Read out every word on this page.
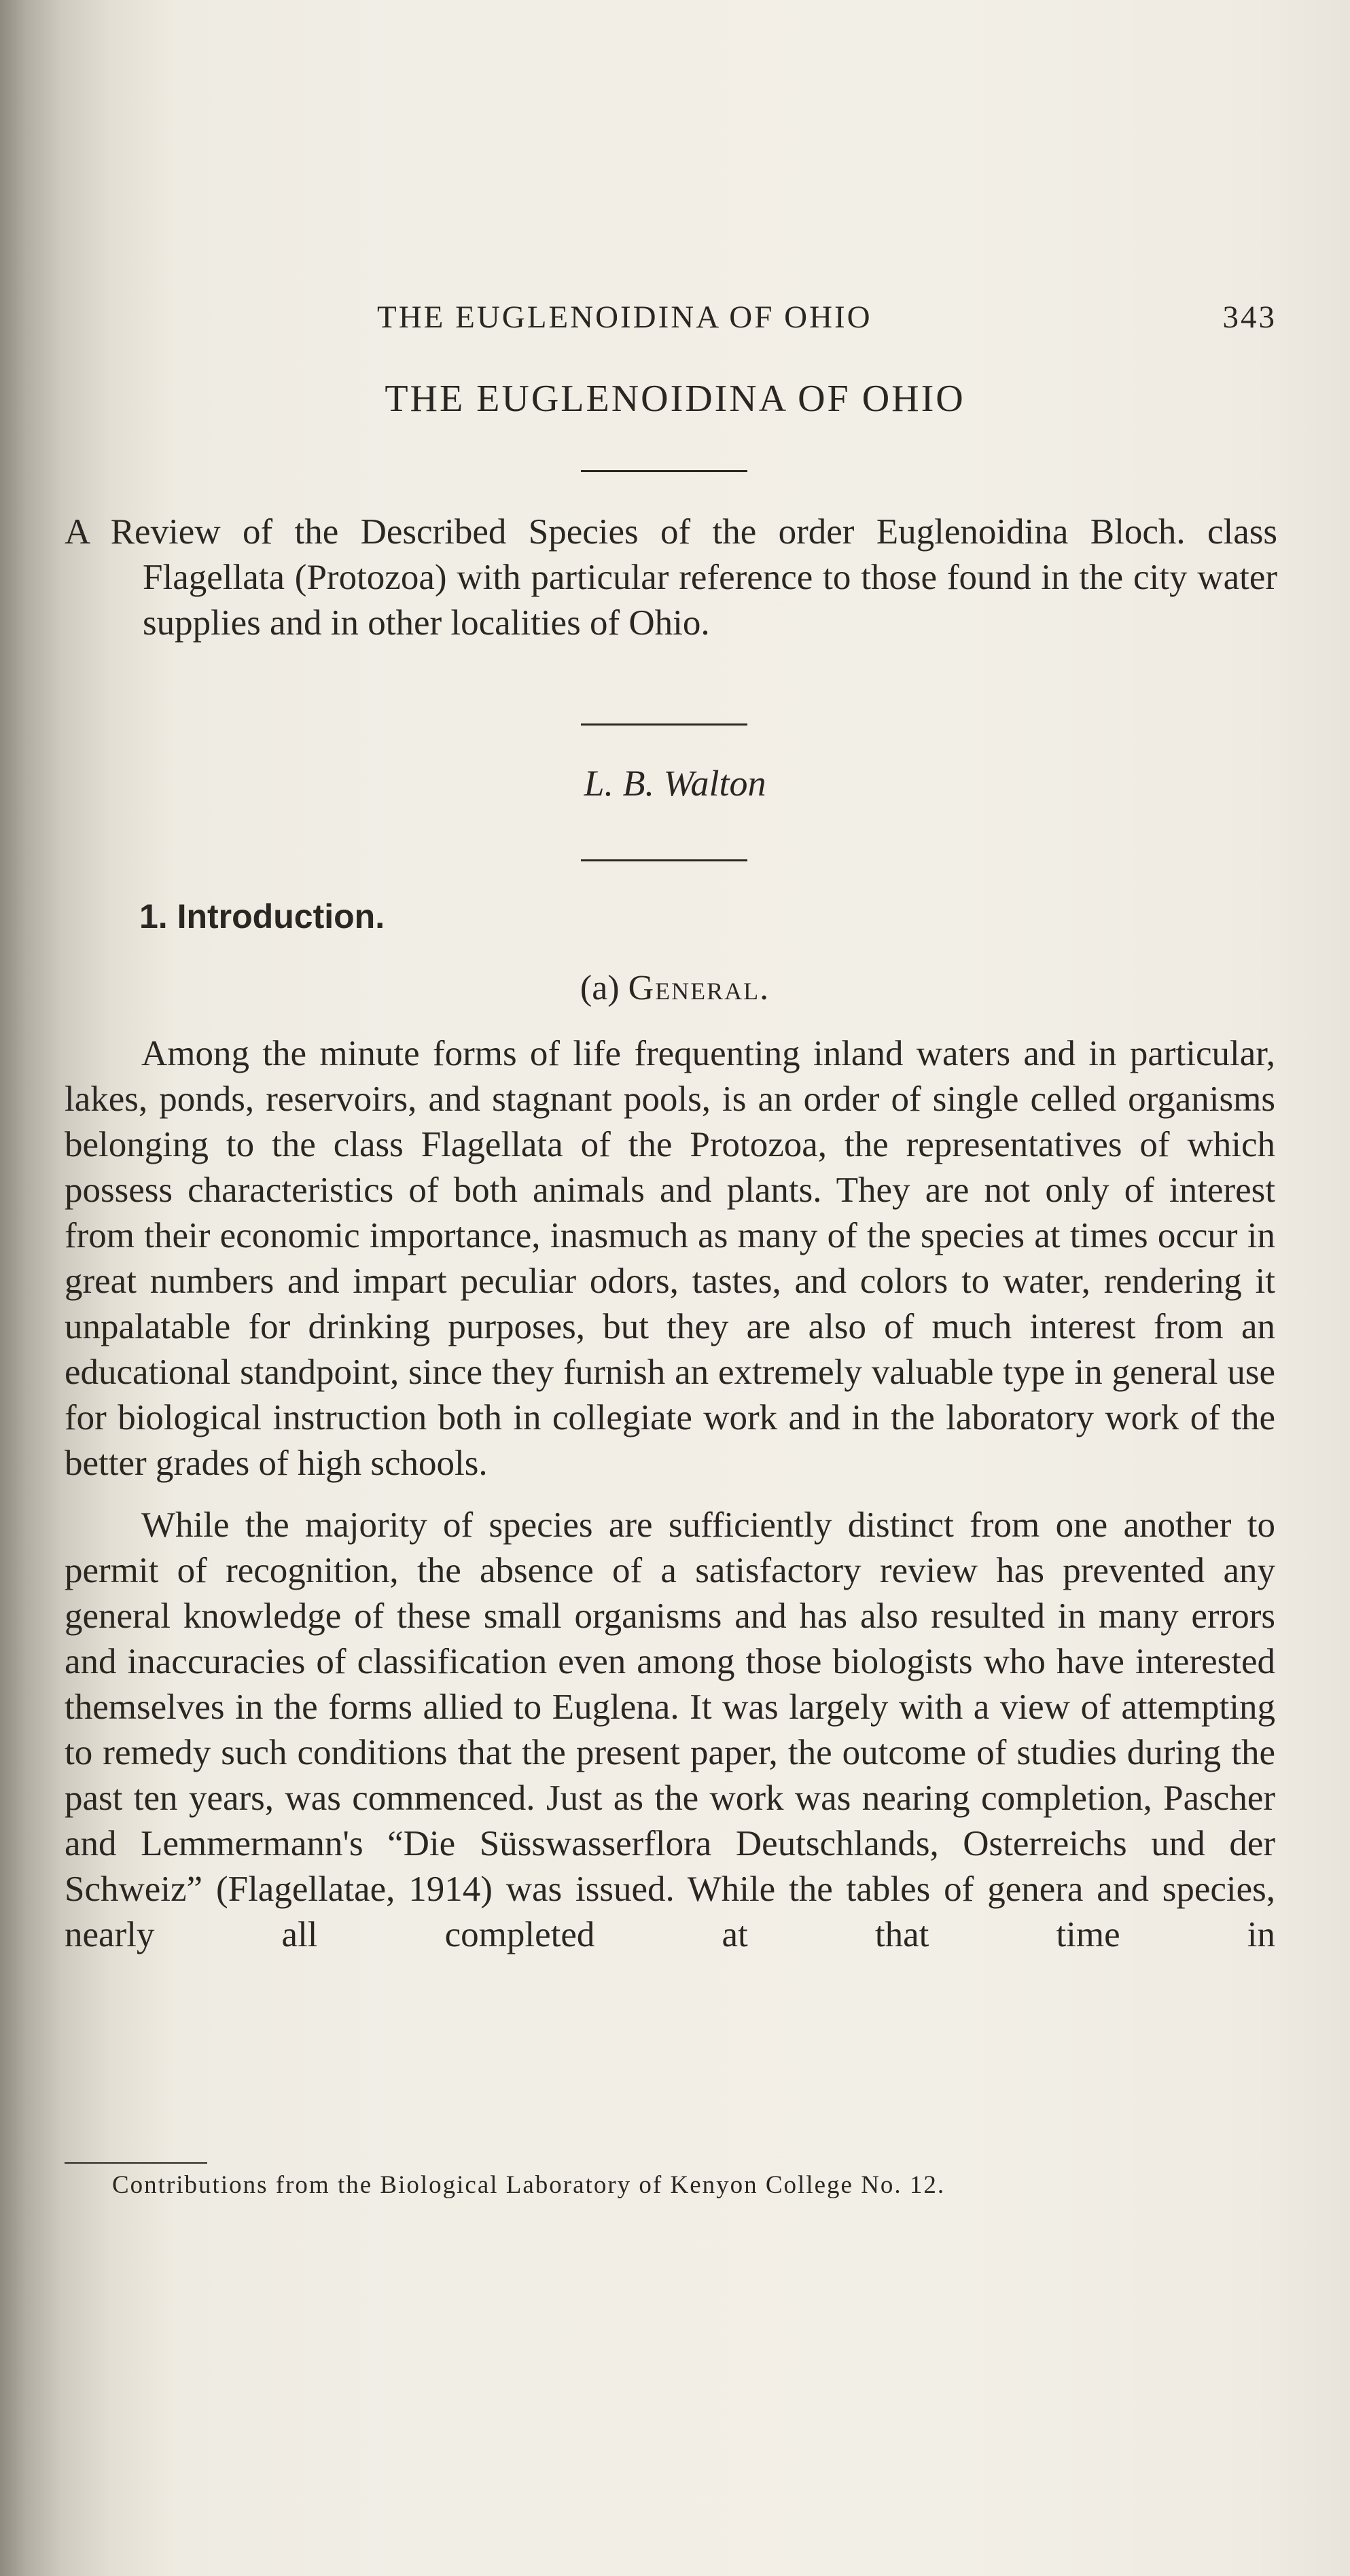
THE EUGLENOIDINA OF OHIO	343
THE EUGLENOIDINA OF OHIO
A Review of the Described Species of the order Euglenoidina Bloch. class Flagellata (Protozoa) with particular reference to those found in the city water supplies and in other localities of Ohio.
L. B. Walton
1. Introduction.
(a) General.

Among the minute forms of life frequenting inland waters and in particular, lakes, ponds, reservoirs, and stagnant pools, is an order of single celled organisms belonging to the class Flagellata of the Protozoa, the representatives of which possess characteristics of both animals and plants. They are not only of interest from their economic importance, inasmuch as many of the species at times occur in great numbers and impart peculiar odors, tastes, and colors to water, rendering it unpalatable for drinking purposes, but they are also of much interest from an educational standpoint, since they furnish an extremely valuable type in general use for biological instruction both in collegiate work and in the laboratory work of the better grades of high schools.

While the majority of species are sufficiently distinct from one another to permit of recognition, the absence of a satisfactory review has prevented any general knowledge of these small organisms and has also resulted in many errors and inaccuracies of classification even among those biologists who have interested themselves in the forms allied to Euglena. It was largely with a view of attempting to remedy such conditions that the present paper, the outcome of studies during the past ten years, was commenced. Just as the work was nearing completion, Pascher and Lemmermann's “Die Süsswasserflora Deutschlands, Osterreichs und der Schweiz” (Flagellatae, 1914) was issued. While the tables of genera and species, nearly all completed at that time in

Contributions from the Biological Laboratory of Kenyon College No. 12.
